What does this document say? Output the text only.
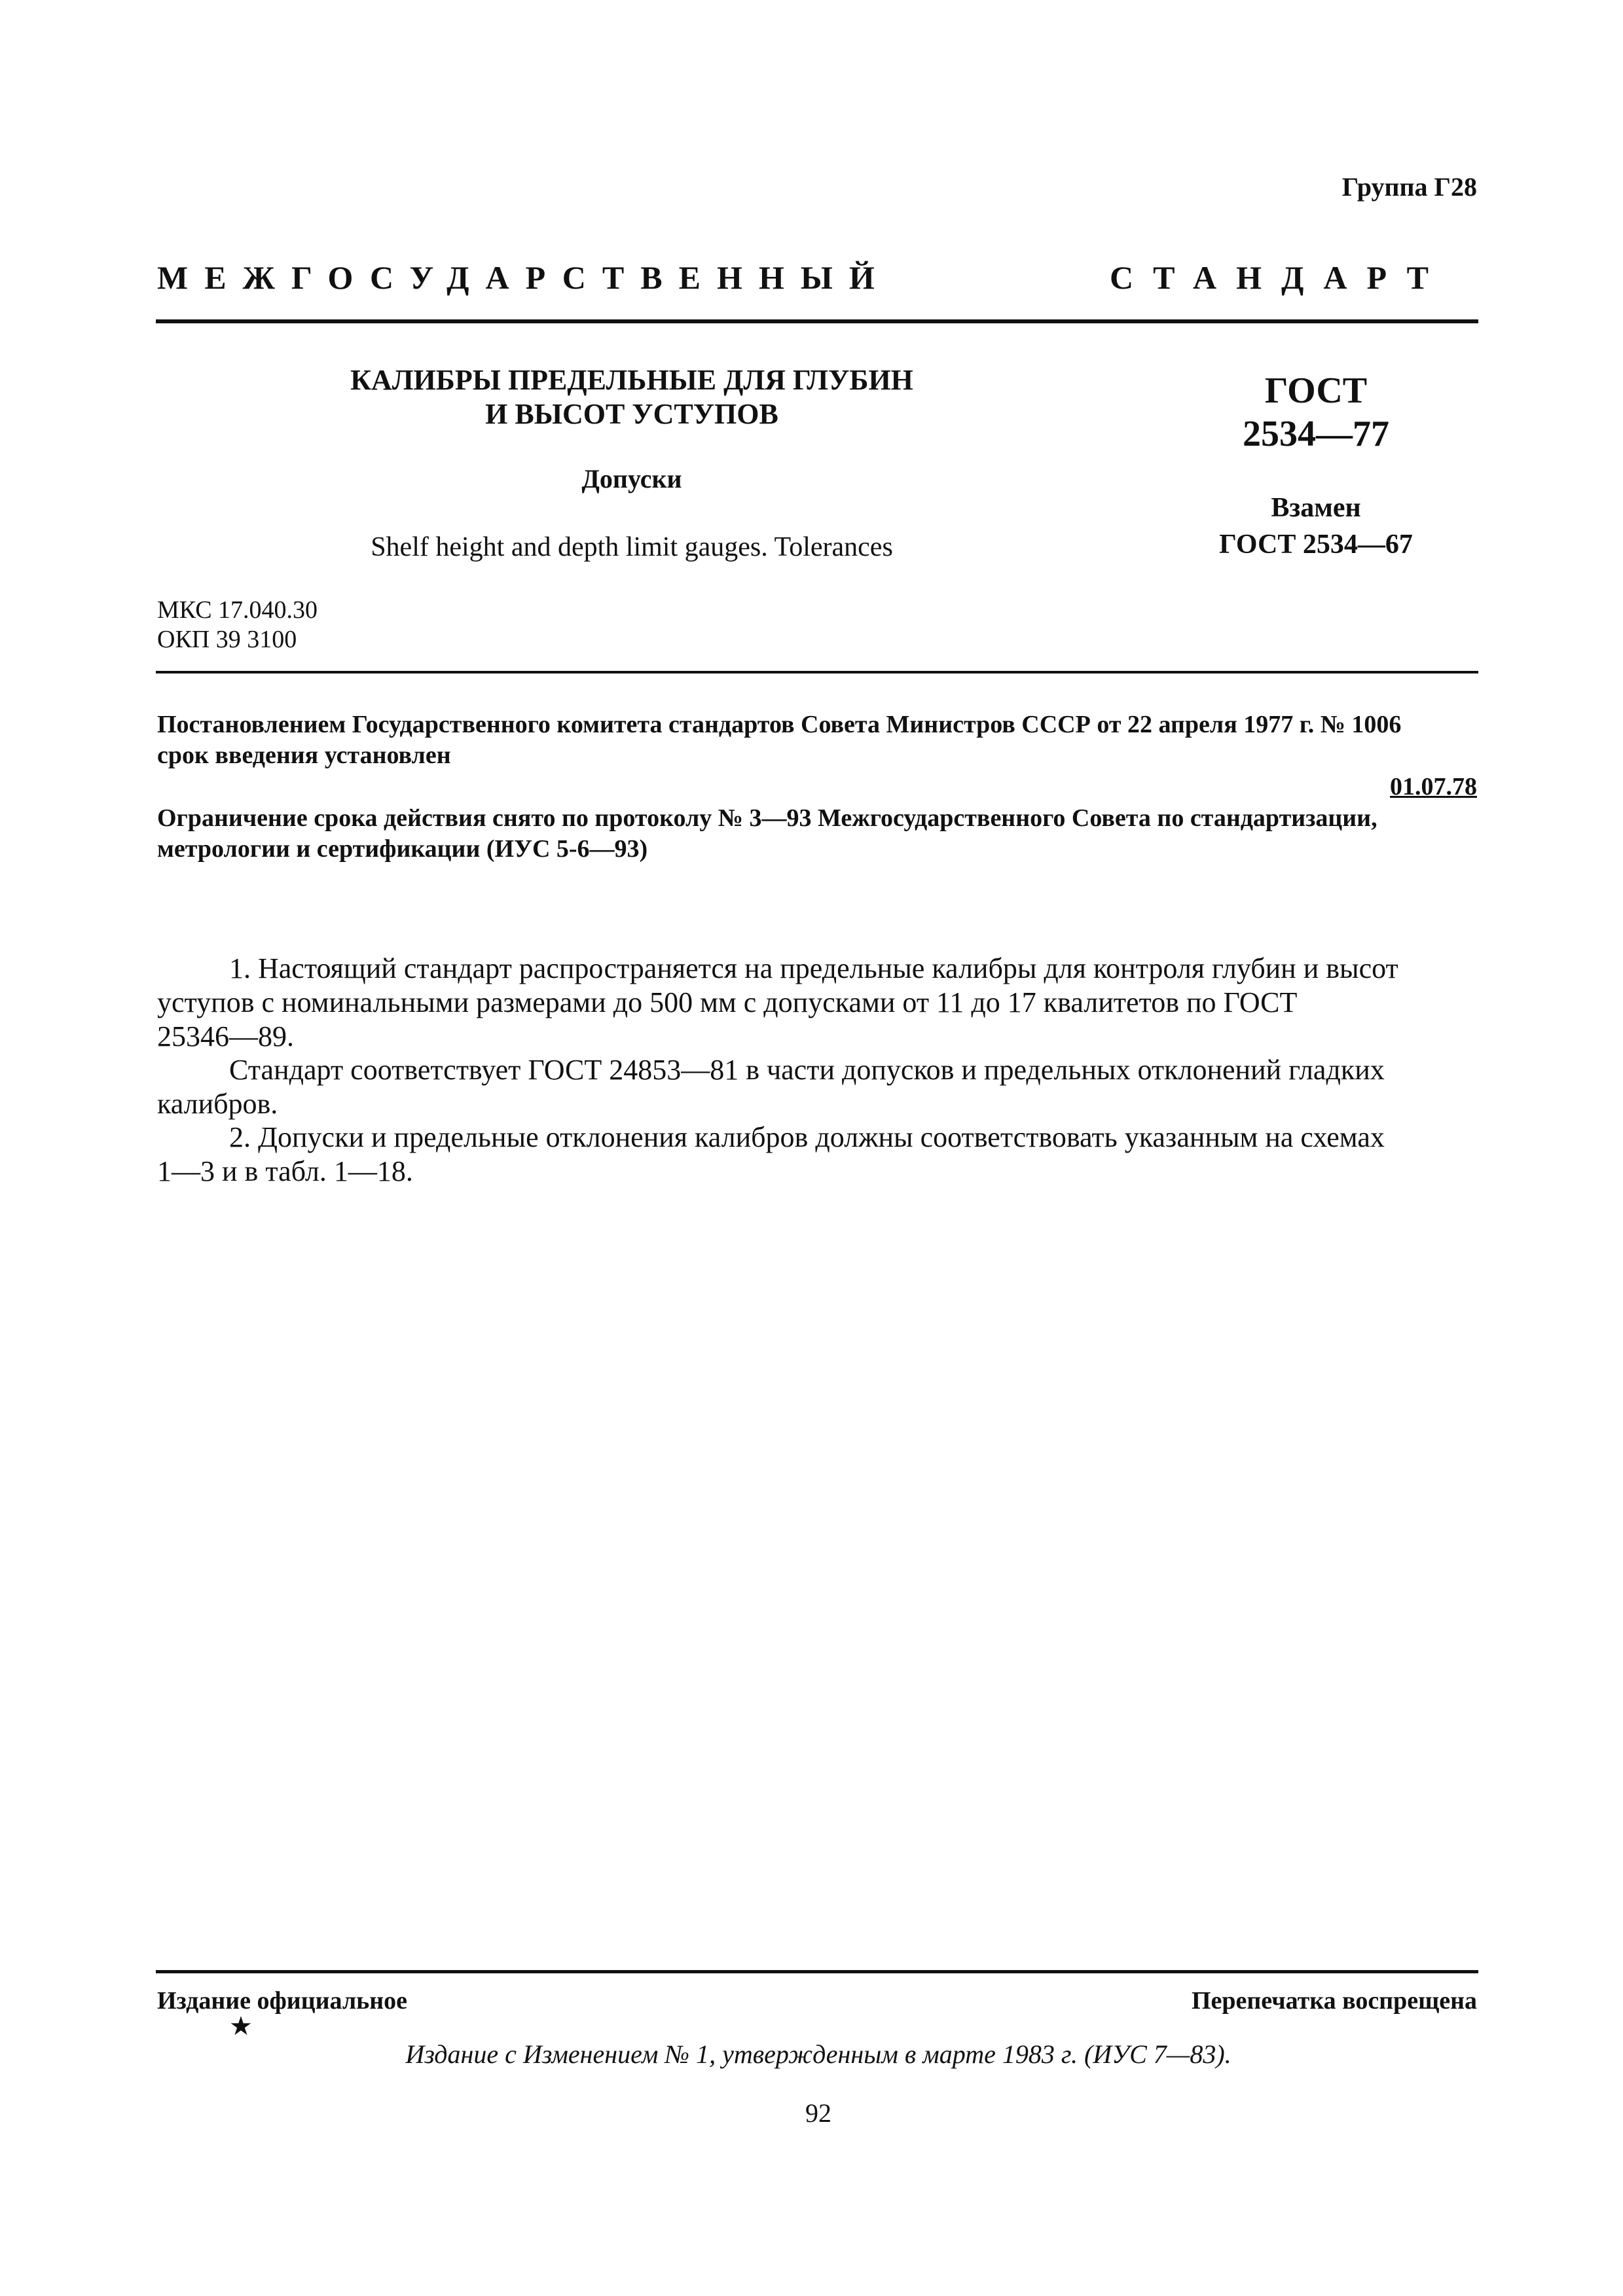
Группа Г28
МЕЖГОСУДАРСТВЕННЫЙ	СТАНДАРТ
КАЛИБРЫ ПРЕДЕЛЬНЫЕ ДЛЯ ГЛУБИН
И ВЫСОТ УСТУПОВ
Допуски
Shelf height and depth limit gauges. Tolerances
ГОСТ
2534—77
Взамен
ГОСТ 2534—67
МКС 17.040.30
ОКП 39 3100
Постановлением Государственного комитета стандартов Совета Министров СССР от 22 апреля 1977 г. № 1006
срок введения установлен
01.07.78
Ограничение срока действия снято по протоколу № 3—93 Межгосударственного Совета по стандартизации,
метрологии и сертификации (ИУС 5-6—93)
1. Настоящий стандарт распространяется на предельные калибры для контроля глубин и высот
уступов с номинальными размерами до 500 мм с допусками от 11 до 17 квалитетов по ГОСТ
25346—89.
Стандарт соответствует ГОСТ 24853—81 в части допусков и предельных отклонений гладких
калибров.
2. Допуски и предельные отклонения калибров должны соответствовать указанным на схемах
1—3 и в табл. 1—18.
Издание официальное	Перепечатка воспрещена
★
Издание с Изменением № 1, утвержденным в марте 1983 г. (ИУС 7—83).
92
